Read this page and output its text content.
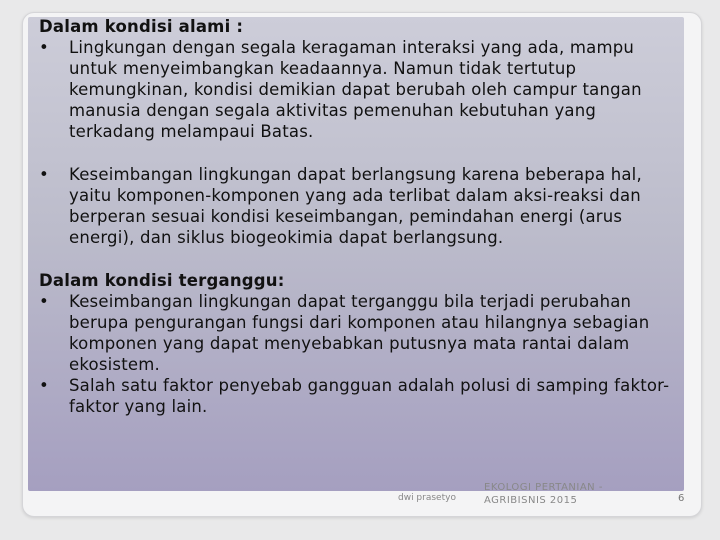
Dalam kondisi alami :

•	Lingkungan dengan segala keragaman interaksi yang ada, mampu untuk menyeimbangkan keadaannya. Namun tidak tertutup kemungkinan, kondisi demikian dapat berubah oleh campur tangan manusia dengan segala aktivitas pemenuhan kebutuhan yang terkadang melampaui Batas.
•	Keseimbangan lingkungan dapat berlangsung karena beberapa hal, yaitu komponen-komponen yang ada terlibat dalam aksi-reaksi dan berperan sesuai kondisi keseimbangan, pemindahan energi (arus energi), dan siklus biogeokimia dapat berlangsung.

Dalam kondisi terganggu:

•	Keseimbangan lingkungan dapat terganggu bila terjadi perubahan berupa pengurangan fungsi dari komponen atau hilangnya sebagian komponen yang dapat menyebabkan putusnya mata rantai dalam ekosistem.
•	Salah satu faktor penyebab gangguan adalah polusi di samping faktor-faktor yang lain.
dwi prasetyo
EKOLOGI PERTANIAN -
AGRIBISNIS 2015	6
